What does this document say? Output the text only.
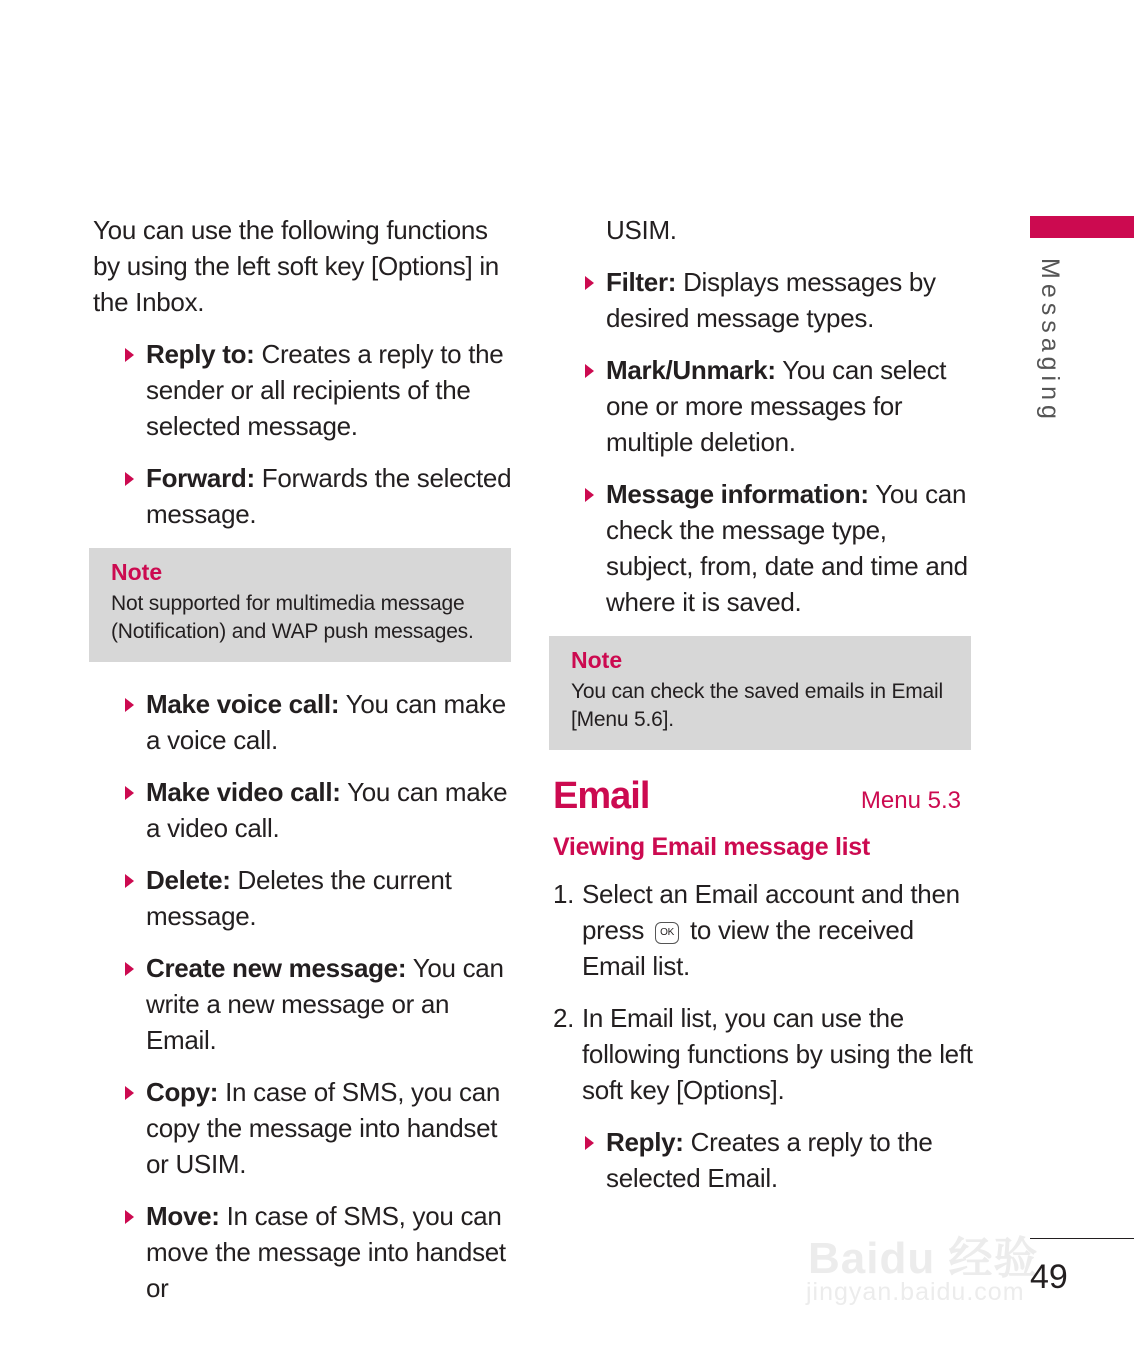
You can use the following functions by using the left soft key [Options] in the Inbox.

Reply to: Creates a reply to the sender or all recipients of the selected message.
Forward: Forwards the selected message.
Note
Not supported for multimedia message (Notification) and WAP push messages.
Make voice call: You can make a voice call.
Make video call: You can make a video call.
Delete: Deletes the current message.
Create new message: You can write a new message or an Email.
Copy: In case of SMS, you can copy the message into handset or USIM.
Move: In case of SMS, you can move the message into handset or
USIM.
Filter: Displays messages by desired message types.
Mark/Unmark: You can select one or more messages for multiple deletion.
Message information: You can check the message type, subject, from, date and time and where it is saved.
Note
You can check the saved emails in Email [Menu 5.6].
Email	Menu 5.3
Viewing Email message list
1. Select an Email account and then press OK to view the received Email list.
2. In Email list, you can use the following functions by using the left soft key [Options].
Reply: Creates a reply to the selected Email.
Messaging
Baidu 经验
jingyan.baidu.com 49
